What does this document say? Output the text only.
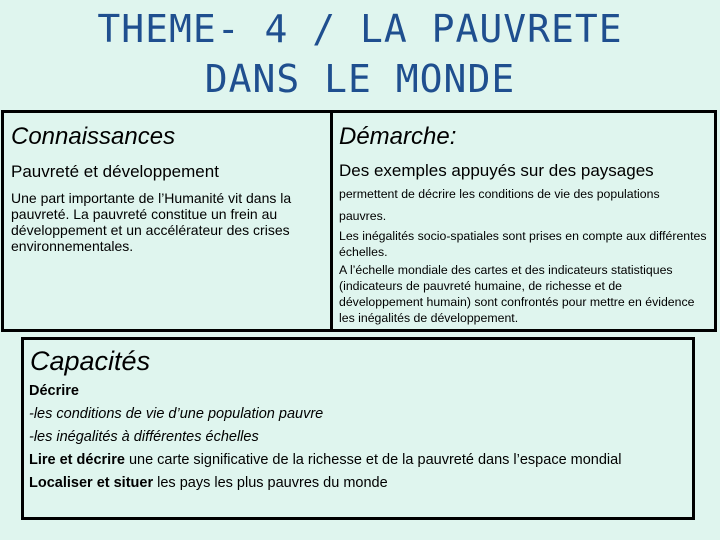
THEME- 4 / LA PAUVRETE
DANS LE MONDE
Connaissances
Pauvreté et développement
Une part importante de l’Humanité vit dans la pauvreté. La pauvreté constitue un frein au développement et un accélérateur des crises environnementales.
Démarche:
Des exemples appuyés sur des paysages permettent de décrire les conditions de vie des populations pauvres.
Les inégalités socio-spatiales sont prises en compte aux différentes échelles.
A l’échelle mondiale des cartes et des indicateurs statistiques (indicateurs de pauvreté humaine, de richesse et de développement humain) sont confrontés pour mettre en évidence les inégalités de développement.
Capacités
Décrire
-les conditions de vie d’une population pauvre
-les inégalités à différentes échelles
Lire et décrire une carte significative de la richesse et de la pauvreté dans l’espace mondial
Localiser et situer les pays les plus pauvres du monde
